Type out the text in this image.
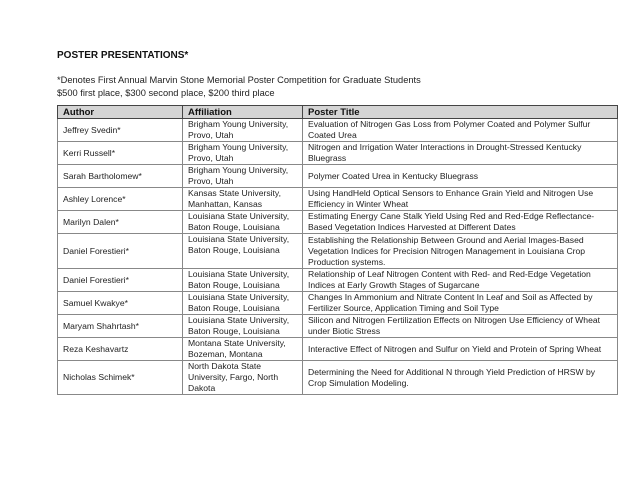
POSTER PRESENTATIONS*
*Denotes First Annual Marvin Stone Memorial Poster Competition for Graduate Students
$500 first place, $300 second place, $200 third place
Author	Affiliation	Poster Title
Jeffrey Svedin*	Brigham Young University, Provo, Utah	Evaluation of Nitrogen Gas Loss from Polymer Coated and Polymer Sulfur Coated Urea
Kerri Russell*	Brigham Young University, Provo, Utah	Nitrogen and Irrigation Water Interactions in Drought-Stressed Kentucky Bluegrass
Sarah Bartholomew*	Brigham Young University, Provo, Utah	Polymer Coated Urea in Kentucky Bluegrass
Ashley Lorence*	Kansas State University, Manhattan, Kansas	Using HandHeld Optical Sensors to Enhance Grain Yield and Nitrogen Use Efficiency in Winter Wheat
Marilyn Dalen*	Louisiana State University, Baton Rouge, Louisiana	Estimating Energy Cane Stalk Yield Using Red and Red-Edge Reflectance-Based Vegetation Indices Harvested at Different Dates
Daniel Forestieri*	Louisiana State University, Baton Rouge, Louisiana	Establishing the Relationship Between Ground and Aerial Images-Based Vegetation Indices for Precision Nitrogen Management in Louisiana Crop Production systems.
Daniel Forestieri*	Louisiana State University, Baton Rouge, Louisiana	Relationship of Leaf Nitrogen Content with Red- and Red-Edge Vegetation Indices at Early Growth Stages of Sugarcane
Samuel Kwakye*	Louisiana State University, Baton Rouge, Louisiana	Changes In Ammonium and Nitrate Content In Leaf and Soil as Affected by Fertilizer Source, Application Timing and Soil Type
Maryam Shahrtash*	Louisiana State University, Baton Rouge, Louisiana	Silicon and Nitrogen Fertilization Effects on Nitrogen Use Efficiency of Wheat under Biotic Stress
Reza Keshavartz	Montana State University, Bozeman, Montana	Interactive Effect of Nitrogen and Sulfur on Yield and Protein of Spring Wheat
Nicholas Schimek*	North Dakota State University, Fargo, North Dakota	Determining the Need for Additional N through Yield Prediction of HRSW by Crop Simulation Modeling.
